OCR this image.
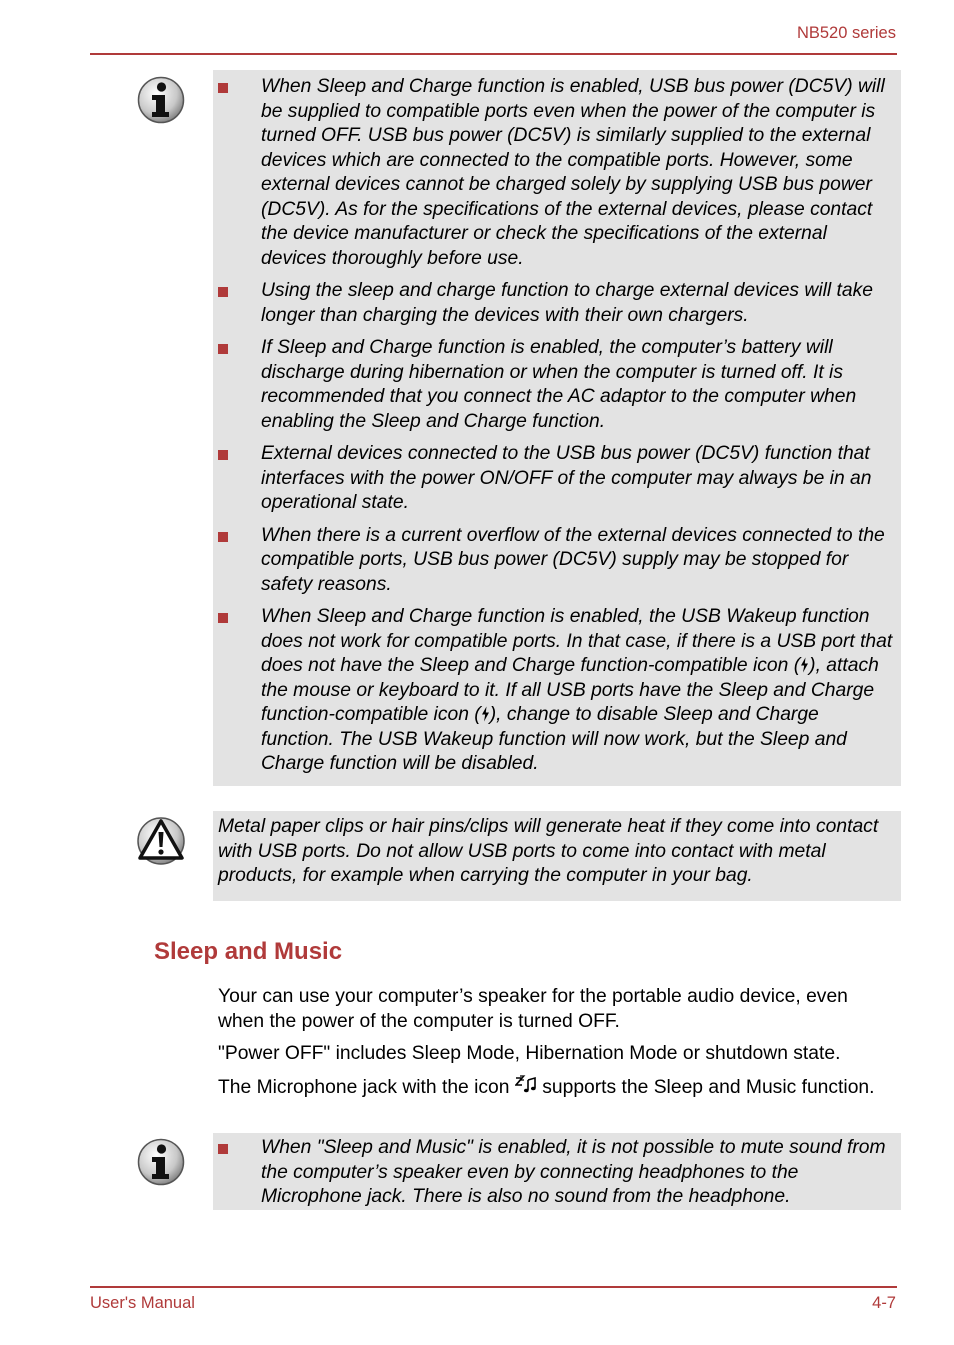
NB520 series
When Sleep and Charge function is enabled, USB bus power (DC5V) will be supplied to compatible ports even when the power of the computer is turned OFF. USB bus power (DC5V) is similarly supplied to the external devices which are connected to the compatible ports. However, some external devices cannot be charged solely by supplying USB bus power (DC5V). As for the specifications of the external devices, please contact the device manufacturer or check the specifications of the external devices thoroughly before use.
Using the sleep and charge function to charge external devices will take longer than charging the devices with their own chargers.
If Sleep and Charge function is enabled, the computer’s battery will discharge during hibernation or when the computer is turned off. It is recommended that you connect the AC adaptor to the computer when enabling the Sleep and Charge function.
External devices connected to the USB bus power (DC5V) function that interfaces with the power ON/OFF of the computer may always be in an operational state.
When there is a current overflow of the external devices connected to the compatible ports, USB bus power (DC5V) supply may be stopped for safety reasons.
When Sleep and Charge function is enabled, the USB Wakeup function does not work for compatible ports. In that case, if there is a USB port that does not have the Sleep and Charge function-compatible icon ( ), attach the mouse or keyboard to it. If all USB ports have the Sleep and Charge function-compatible icon ( ), change to disable Sleep and Charge function. The USB Wakeup function will now work, but the Sleep and Charge function will be disabled.
Metal paper clips or hair pins/clips will generate heat if they come into contact with USB ports. Do not allow USB ports to come into contact with metal products, for example when carrying the computer in your bag.
Sleep and Music

Your can use your computer’s speaker for the portable audio device, even when the power of the computer is turned OFF.

"Power OFF" includes Sleep Mode, Hibernation Mode or shutdown state.

The Microphone jack with the icon  supports the Sleep and Music function.

When "Sleep and Music" is enabled, it is not possible to mute sound from the computer’s speaker even by connecting headphones to the Microphone jack. There is also no sound from the headphone.
User's Manual	4-7
